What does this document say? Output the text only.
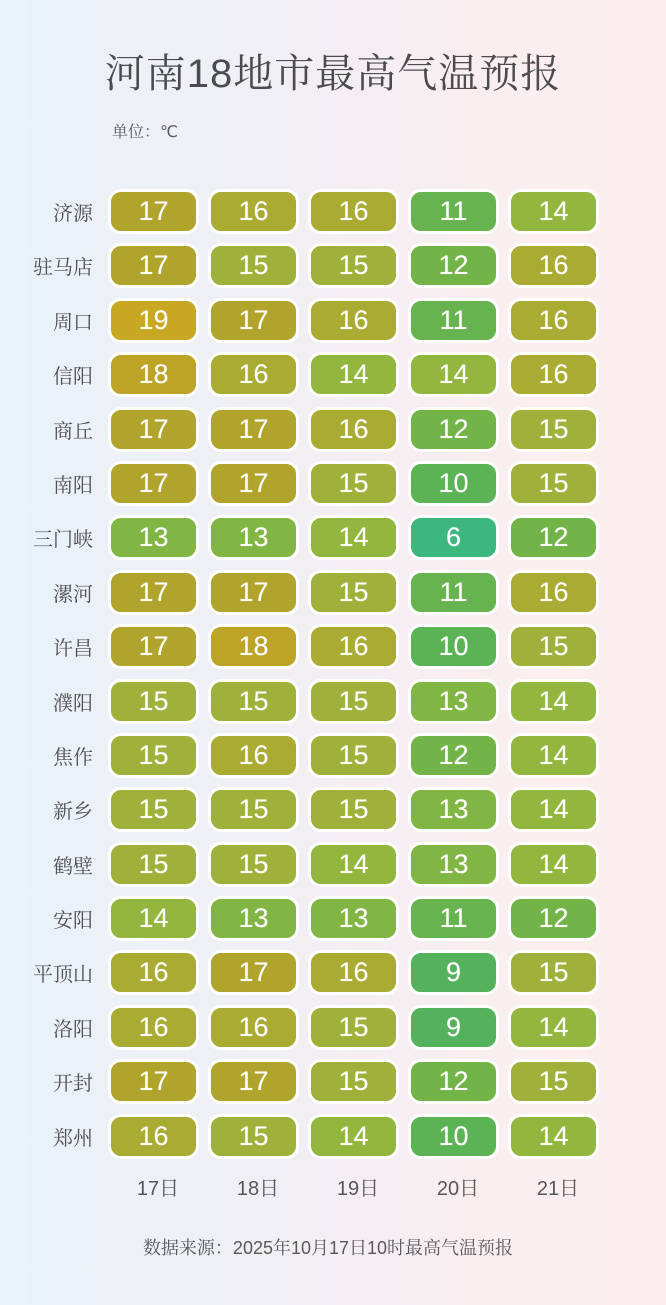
河南18地市最高气温预报
单位：℃
济源	17	16	16	11	14
驻马店	17	15	15	12	16
周口	19	17	16	11	16
信阳	18	16	14	14	16
商丘	17	17	16	12	15
南阳	17	17	15	10	15
三门峡	13	13	14	6	12
漯河	17	17	15	11	16
许昌	17	18	16	10	15
濮阳	15	15	15	13	14
焦作	15	16	15	12	14
新乡	15	15	15	13	14
鹤壁	15	15	14	13	14
安阳	14	13	13	11	12
平顶山	16	17	16	9	15
洛阳	16	16	15	9	14
开封	17	17	15	12	15
郑州	16	15	14	10	14
17日	18日	19日	20日	21日
数据来源：2025年10月17日10时最高气温预报
